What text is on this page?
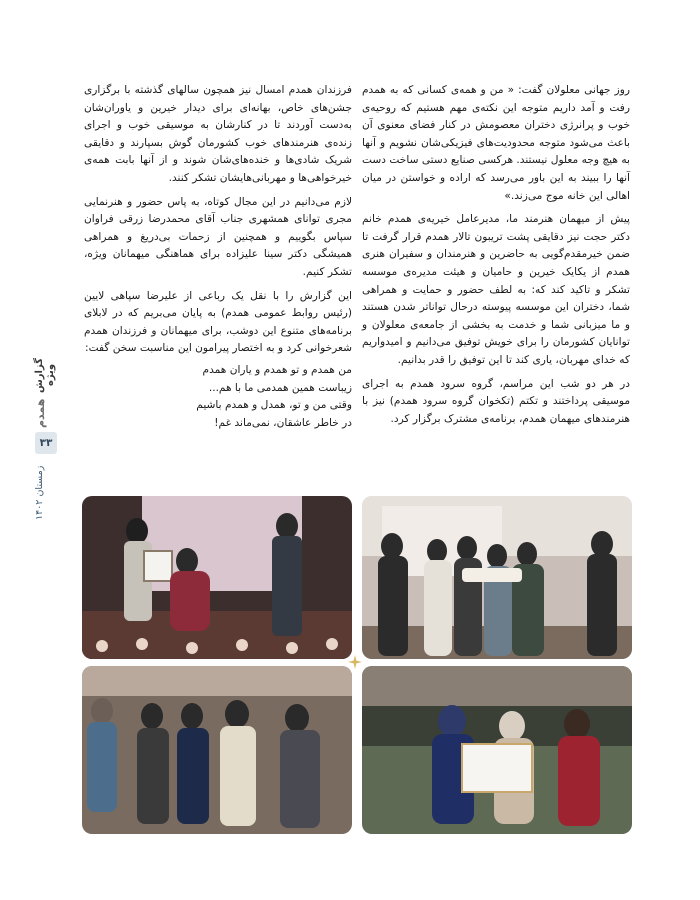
گزارش ویژه
همدم
۳۳
زمستان ۱۴۰۲

روز جهانی معلولان گفت: « من و همه‌ی کسانی که به همدم رفت و آمد داریم متوجه این نکته‌ی مهم هستیم که روحیه‌ی خوب و پرانرژی دختران معصومش در کنار فضای معنوی آن باعث می‌شود متوجه محدودیت‌های فیزیکی‌شان نشویم و آنها به هیچ وجه معلول نیستند. هرکسی صنایع دستی ساخت دست آنها را ببیند به این باور می‌رسد که اراده و خواستن در میان اهالی این خانه موج می‌زند.»

پیش از میهمان هنرمند ما، مدیرعامل خیریه‌ی همدم خانم دکتر حجت نیز دقایقی پشت تریبون تالار همدم قرار گرفت تا ضمن خیرمقدم‌گویی به حاضرین و هنرمندان و سفیران هنری همدم از یکایک خیرین و حامیان و هیئت مدیره‌ی موسسه تشکر و تاکید کند که: به لطف حضور و حمایت و همراهی شما، دختران این موسسه پیوسته درحال توانا‌تر شدن هستند و ما میزبانی شما و خدمت به بخشی از جامعه‌ی معلولان و توانایان کشورمان را برای خویش توفیق می‌دانیم و امیدواریم که خدای مهربان، یاری کند تا این توفیق را قدر بدانیم.

در هر دو شب این مراسم، گروه سرود همدم به اجرای موسیقی پرداختند و تکتم (تکخوان گروه سرود همدم) نیز با هنرمندهای میهمان همدم، برنامه‌ی مشترک برگزار کرد.

فرزندان همدم امسال نیز همچون سالهای گذشته با برگزاری جشن‌های خاص، بهانه‌ای برای دیدار خیرین و یاوران‌شان به‌دست آوردند تا در کنارشان به موسیقی خوب و اجرای زنده‌ی هنرمندهای خوب کشورمان گوش بسپارند و دقایقی شریک شادی‌ها و خنده‌های‌شان شوند و از آنها بابت همه‌ی خیرخواهی‌ها و مهربانی‌هایشان تشکر کنند.

لازم می‌دانیم در این مجال کوتاه، به پاس حضور و هنرنمایی مجری توانای همشهری جناب آقای محمدرضا زرقی فراوان سپاس بگوییم و همچنین از زحمات بی‌دریغ و همراهی همیشگی دکتر سینا علیزاده برای هماهنگی میهمانان ویژه، تشکر کنیم.

این گزارش را با نقل یک رباعی از علیرضا سپاهی لایین (رئیس روابط عمومی همدم) به پایان می‌بریم که در لابلای برنامه‌های متنوع این دوشب، برای میهمانان و فرزندان همدم شعرخوانی کرد و به اختصار پیرامون این مناسبت سخن گفت:

من همدم و تو همدم و یاران همدم
زیباست همین همدمی ما با هم...
وقتی من و تو، همدل و همدم باشیم
در خاطر عاشقان، نمی‌ماند غم!
